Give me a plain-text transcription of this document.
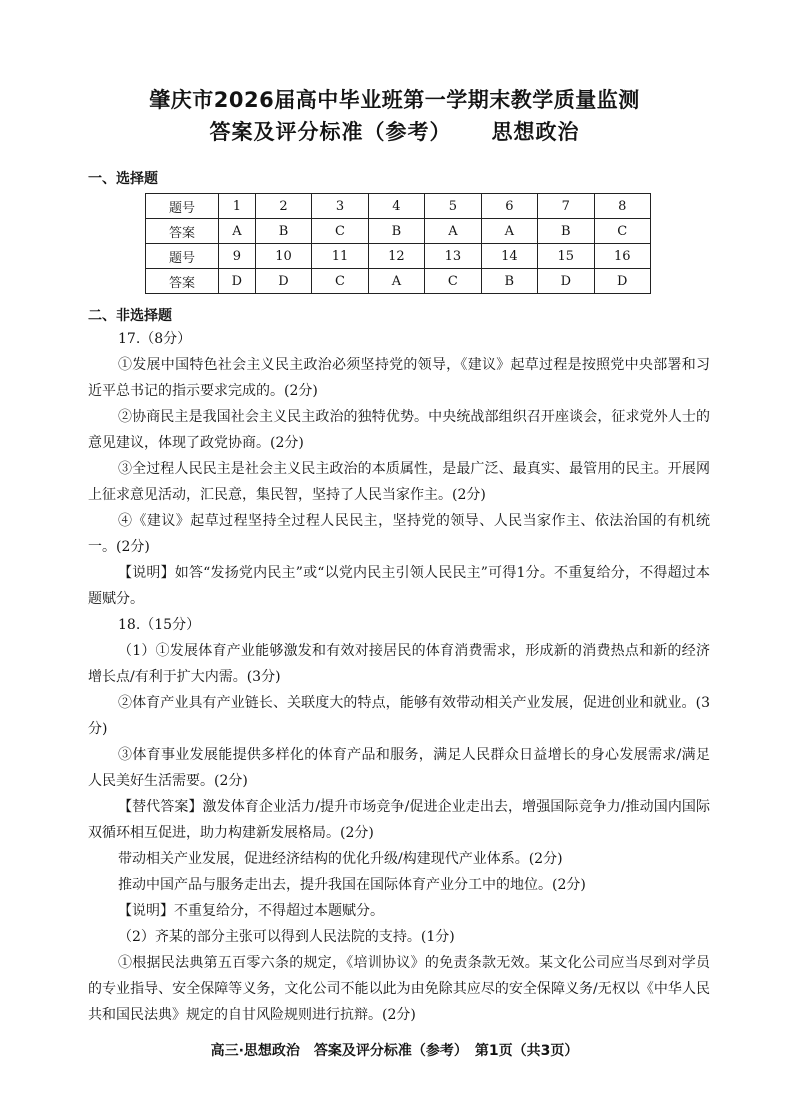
肇庆市2026届高中毕业班第一学期末教学质量监测
答案及评分标准（参考） 思想政治
一、选择题
题号	1	2	3	4	5	6	7	8
答案	A	B	C	B	A	A	B	C
题号	9	10	11	12	13	14	15	16
答案	D	D	C	A	C	B	D	D
二、非选择题
17.（8分）
①发展中国特色社会主义民主政治必须坚持党的领导，《建议》起草过程是按照党中央部署和习近平总书记的指示要求完成的。(2分)
②协商民主是我国社会主义民主政治的独特优势。中央统战部组织召开座谈会，征求党外人士的意见建议，体现了政党协商。(2分)
③全过程人民民主是社会主义民主政治的本质属性，是最广泛、最真实、最管用的民主。开展网上征求意见活动，汇民意，集民智，坚持了人民当家作主。(2分)
④《建议》起草过程坚持全过程人民民主，坚持党的领导、人民当家作主、依法治国的有机统一。(2分)
【说明】如答“发扬党内民主”或“以党内民主引领人民民主”可得1分。不重复给分，不得超过本题赋分。
18.（15分）
（1）①发展体育产业能够激发和有效对接居民的体育消费需求，形成新的消费热点和新的经济增长点/有利于扩大内需。(3分)
②体育产业具有产业链长、关联度大的特点，能够有效带动相关产业发展，促进创业和就业。(3分)
③体育事业发展能提供多样化的体育产品和服务，满足人民群众日益增长的身心发展需求/满足人民美好生活需要。(2分)
【替代答案】激发体育企业活力/提升市场竞争/促进企业走出去，增强国际竞争力/推动国内国际双循环相互促进，助力构建新发展格局。(2分)
带动相关产业发展，促进经济结构的优化升级/构建现代产业体系。(2分)
推动中国产品与服务走出去，提升我国在国际体育产业分工中的地位。(2分)
【说明】不重复给分，不得超过本题赋分。
（2）齐某的部分主张可以得到人民法院的支持。(1分)
①根据民法典第五百零六条的规定，《培训协议》的免责条款无效。某文化公司应当尽到对学员的专业指导、安全保障等义务，文化公司不能以此为由免除其应尽的安全保障义务/无权以《中华人民共和国民法典》规定的自甘风险规则进行抗辩。(2分)
高三·思想政治　答案及评分标准（参考）　第1页（共3页）
